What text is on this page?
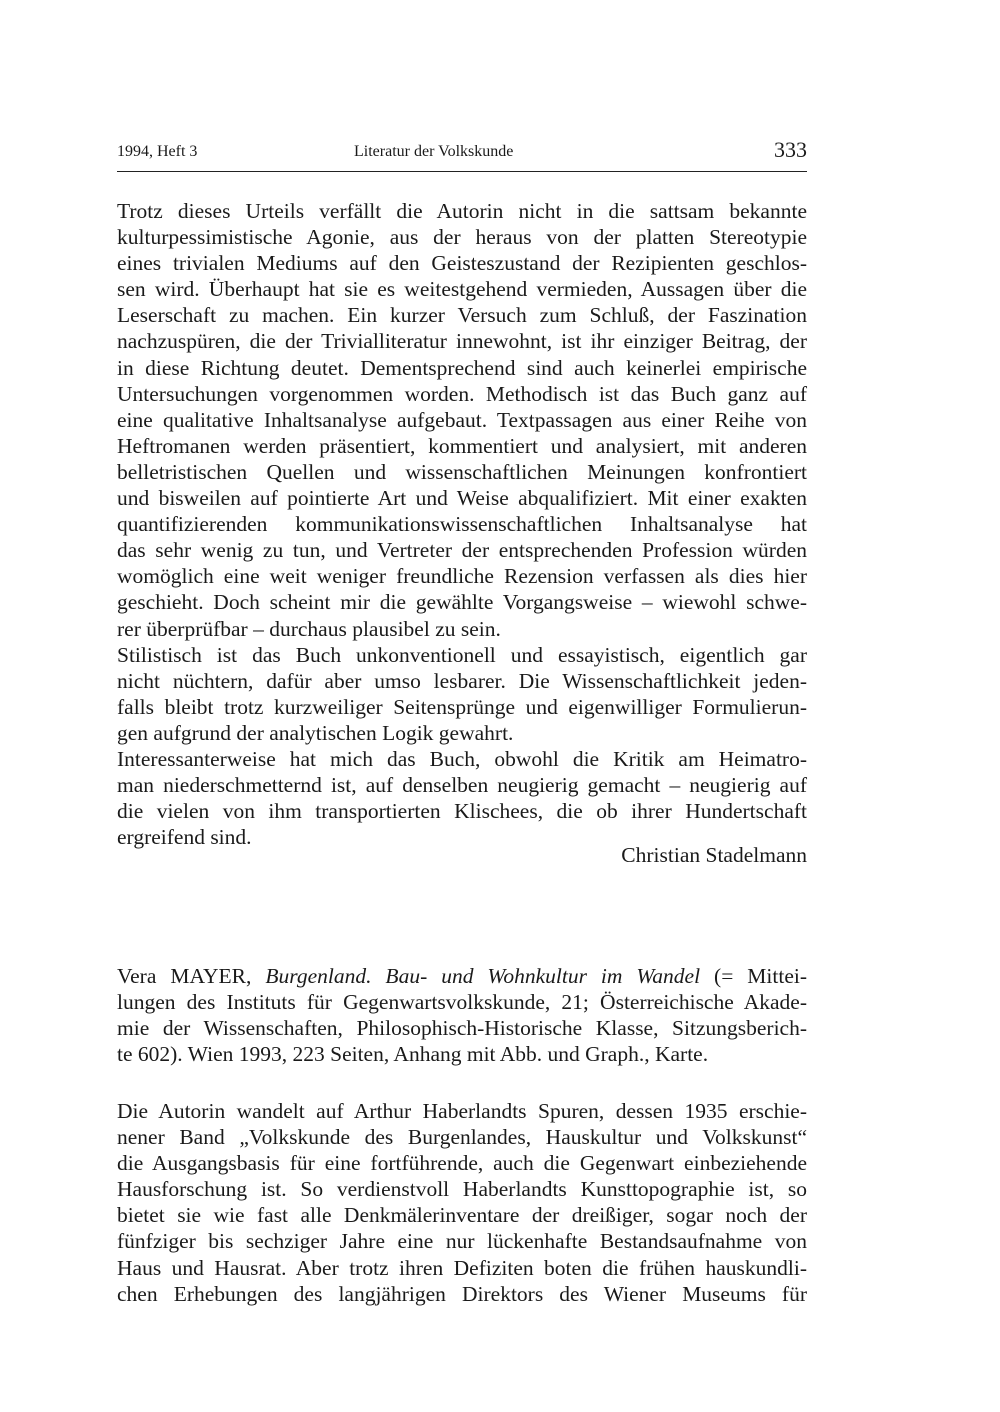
1994, Heft 3	Literatur der Volkskunde	333
Trotz dieses Urteils verfällt die Autorin nicht in die sattsam bekannte
kulturpessimistische Agonie, aus der heraus von der platten Stereotypie
eines trivialen Mediums auf den Geisteszustand der Rezipienten geschlos-
sen wird. Überhaupt hat sie es weitestgehend vermieden, Aussagen über die
Leserschaft zu machen. Ein kurzer Versuch zum Schluß, der Faszination
nachzuspüren, die der Trivialliteratur innewohnt, ist ihr einziger Beitrag, der
in diese Richtung deutet. Dementsprechend sind auch keinerlei empirische
Untersuchungen vorgenommen worden. Methodisch ist das Buch ganz auf
eine qualitative Inhaltsanalyse aufgebaut. Textpassagen aus einer Reihe von
Heftromanen werden präsentiert, kommentiert und analysiert, mit anderen
belletristischen Quellen und wissenschaftlichen Meinungen konfrontiert
und bisweilen auf pointierte Art und Weise abqualifiziert. Mit einer exakten
quantifizierenden kommunikationswissenschaftlichen Inhaltsanalyse hat
das sehr wenig zu tun, und Vertreter der entsprechenden Profession würden
womöglich eine weit weniger freundliche Rezension verfassen als dies hier
geschieht. Doch scheint mir die gewählte Vorgangsweise – wiewohl schwe-
rer überprüfbar – durchaus plausibel zu sein.
Stilistisch ist das Buch unkonventionell und essayistisch, eigentlich gar
nicht nüchtern, dafür aber umso lesbarer. Die Wissenschaftlichkeit jeden-
falls bleibt trotz kurzweiliger Seitensprünge und eigenwilliger Formulierun-
gen aufgrund der analytischen Logik gewahrt.
Interessanterweise hat mich das Buch, obwohl die Kritik am Heimatro-
man niederschmetternd ist, auf denselben neugierig gemacht – neugierig auf
die vielen von ihm transportierten Klischees, die ob ihrer Hundertschaft
ergreifend sind.
Christian Stadelmann
Vera MAYER, Burgenland. Bau- und Wohnkultur im Wandel (= Mittei-
lungen des Instituts für Gegenwartsvolkskunde, 21; Österreichische Akade-
mie der Wissenschaften, Philosophisch-Historische Klasse, Sitzungsberich-
te 602). Wien 1993, 223 Seiten, Anhang mit Abb. und Graph., Karte.
Die Autorin wandelt auf Arthur Haberlandts Spuren, dessen 1935 erschie-
nener Band „Volkskunde des Burgenlandes, Hauskultur und Volkskunst“
die Ausgangsbasis für eine fortführende, auch die Gegenwart einbeziehende
Hausforschung ist. So verdienstvoll Haberlandts Kunsttopographie ist, so
bietet sie wie fast alle Denkmälerinventare der dreißiger, sogar noch der
fünfziger bis sechziger Jahre eine nur lückenhafte Bestandsaufnahme von
Haus und Hausrat. Aber trotz ihren Defiziten boten die frühen hauskundli-
chen Erhebungen des langjährigen Direktors des Wiener Museums für
